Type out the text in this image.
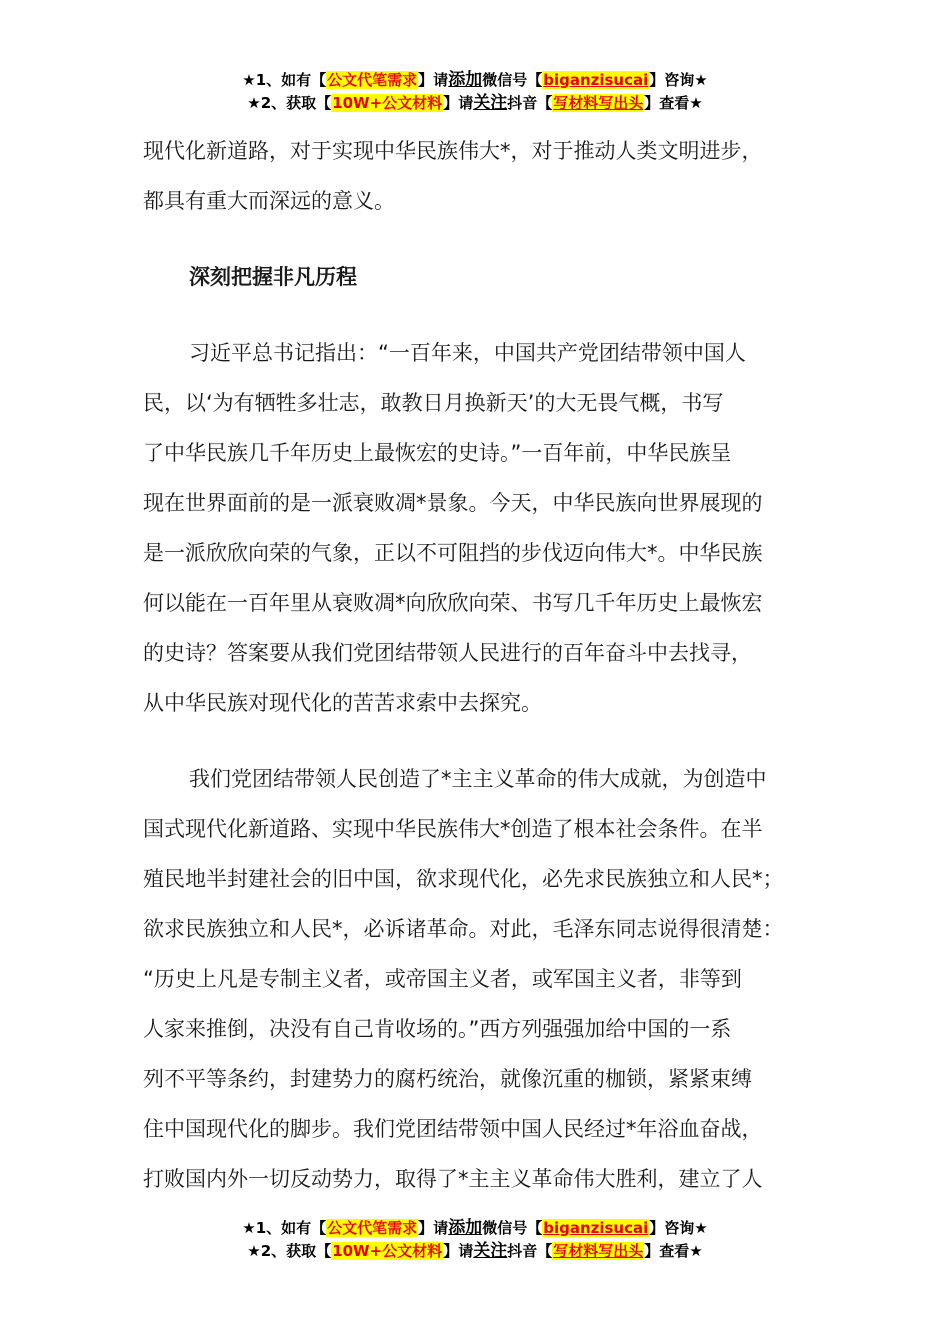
★1、如有【公文代笔需求】请添加微信号【biganzisucai】咨询★
★2、获取【10W+公文材料】请关注抖音【写材料写出头】查看★
现代化新道路，对于实现中华民族伟大*，对于推动人类文明进步，
都具有重大而深远的意义。
深刻把握非凡历程
习近平总书记指出：“一百年来，中国共产党团结带领中国人
民，以‘为有牺牲多壮志，敢教日月换新天’的大无畏气概，书写
了中华民族几千年历史上最恢宏的史诗。”一百年前，中华民族呈
现在世界面前的是一派衰败凋*景象。今天，中华民族向世界展现的
是一派欣欣向荣的气象，正以不可阻挡的步伐迈向伟大*。中华民族
何以能在一百年里从衰败凋*向欣欣向荣、书写几千年历史上最恢宏
的史诗？答案要从我们党团结带领人民进行的百年奋斗中去找寻，
从中华民族对现代化的苦苦求索中去探究。
我们党团结带领人民创造了*主主义革命的伟大成就，为创造中
国式现代化新道路、实现中华民族伟大*创造了根本社会条件。在半
殖民地半封建社会的旧中国，欲求现代化，必先求民族独立和人民*；
欲求民族独立和人民*，必诉诸革命。对此，毛泽东同志说得很清楚：
“历史上凡是专制主义者，或帝国主义者，或军国主义者，非等到
人家来推倒，决没有自己肯收场的。”西方列强强加给中国的一系
列不平等条约，封建势力的腐朽统治，就像沉重的枷锁，紧紧束缚
住中国现代化的脚步。我们党团结带领中国人民经过*年浴血奋战，
打败国内外一切反动势力，取得了*主主义革命伟大胜利，建立了人
★1、如有【公文代笔需求】请添加微信号【biganzisucai】咨询★
★2、获取【10W+公文材料】请关注抖音【写材料写出头】查看★
